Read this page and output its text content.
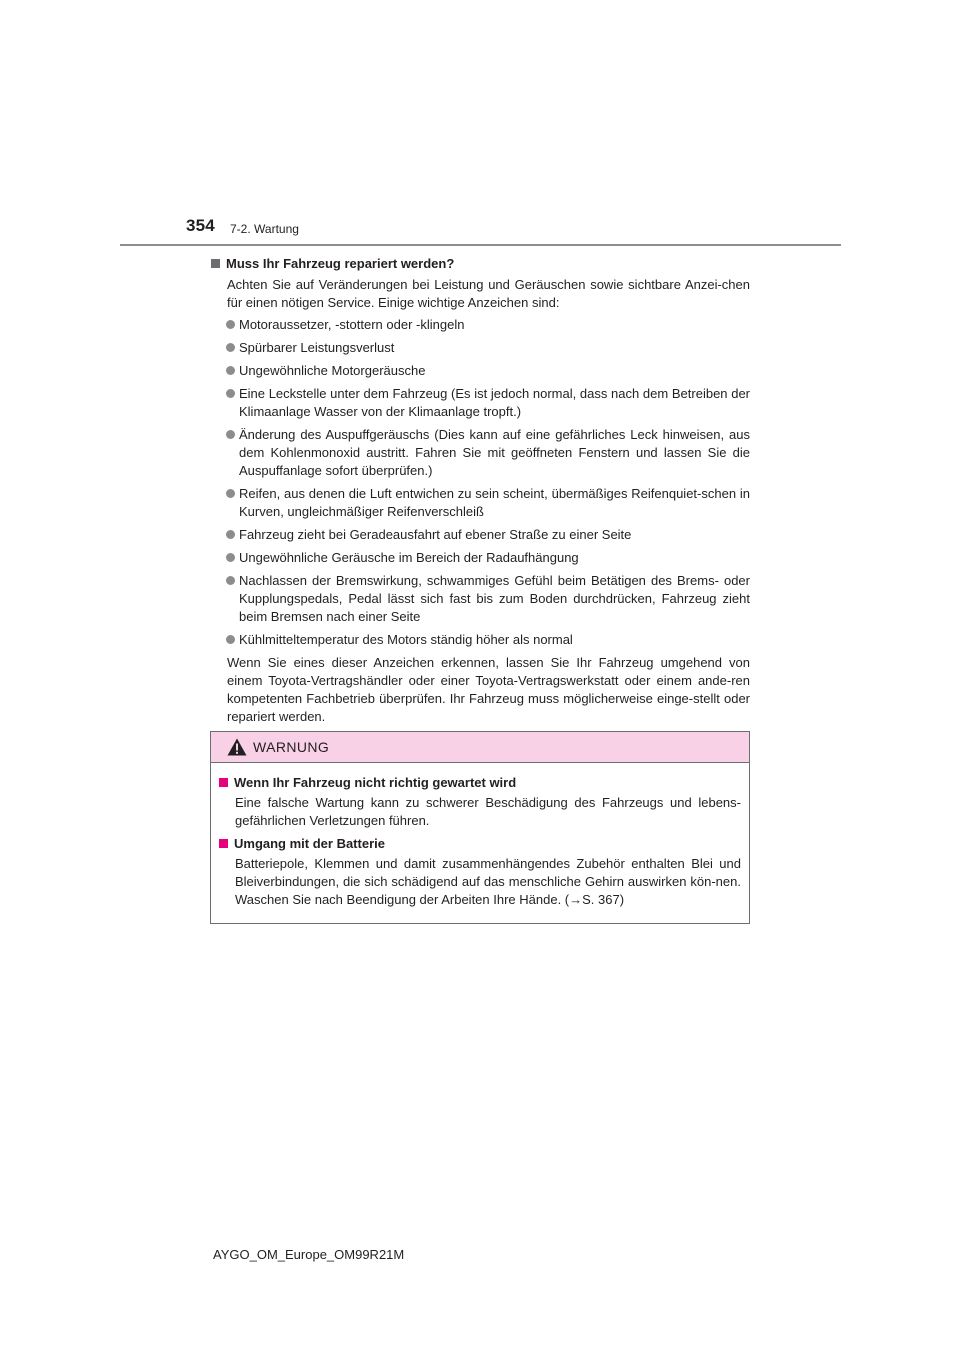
354 7-2. Wartung

Muss Ihr Fahrzeug repariert werden?

Achten Sie auf Veränderungen bei Leistung und Geräuschen sowie sichtbare Anzei-chen für einen nötigen Service. Einige wichtige Anzeichen sind:

Motoraussetzer, -stottern oder -klingeln
Spürbarer Leistungsverlust
Ungewöhnliche Motorgeräusche
Eine Leckstelle unter dem Fahrzeug (Es ist jedoch normal, dass nach dem Betreiben der Klimaanlage Wasser von der Klimaanlage tropft.)
Änderung des Auspuffgeräuschs (Dies kann auf eine gefährliches Leck hinweisen, aus dem Kohlenmonoxid austritt. Fahren Sie mit geöffneten Fenstern und lassen Sie die Auspuffanlage sofort überprüfen.)
Reifen, aus denen die Luft entwichen zu sein scheint, übermäßiges Reifenquiet-schen in Kurven, ungleichmäßiger Reifenverschleiß
Fahrzeug zieht bei Geradeausfahrt auf ebener Straße zu einer Seite
Ungewöhnliche Geräusche im Bereich der Radaufhängung
Nachlassen der Bremswirkung, schwammiges Gefühl beim Betätigen des Brems- oder Kupplungspedals, Pedal lässt sich fast bis zum Boden durchdrücken, Fahrzeug zieht beim Bremsen nach einer Seite
Kühlmitteltemperatur des Motors ständig höher als normal

Wenn Sie eines dieser Anzeichen erkennen, lassen Sie Ihr Fahrzeug umgehend von einem Toyota-Vertragshändler oder einer Toyota-Vertragswerkstatt oder einem ande-ren kompetenten Fachbetrieb überprüfen. Ihr Fahrzeug muss möglicherweise einge-stellt oder repariert werden.

WARNUNG

Wenn Ihr Fahrzeug nicht richtig gewartet wird

Eine falsche Wartung kann zu schwerer Beschädigung des Fahrzeugs und lebens-gefährlichen Verletzungen führen.

Umgang mit der Batterie

Batteriepole, Klemmen und damit zusammenhängendes Zubehör enthalten Blei und Bleiverbindungen, die sich schädigend auf das menschliche Gehirn auswirken kön-nen. Waschen Sie nach Beendigung der Arbeiten Ihre Hände. (→S. 367)

AYGO_OM_Europe_OM99R21M
